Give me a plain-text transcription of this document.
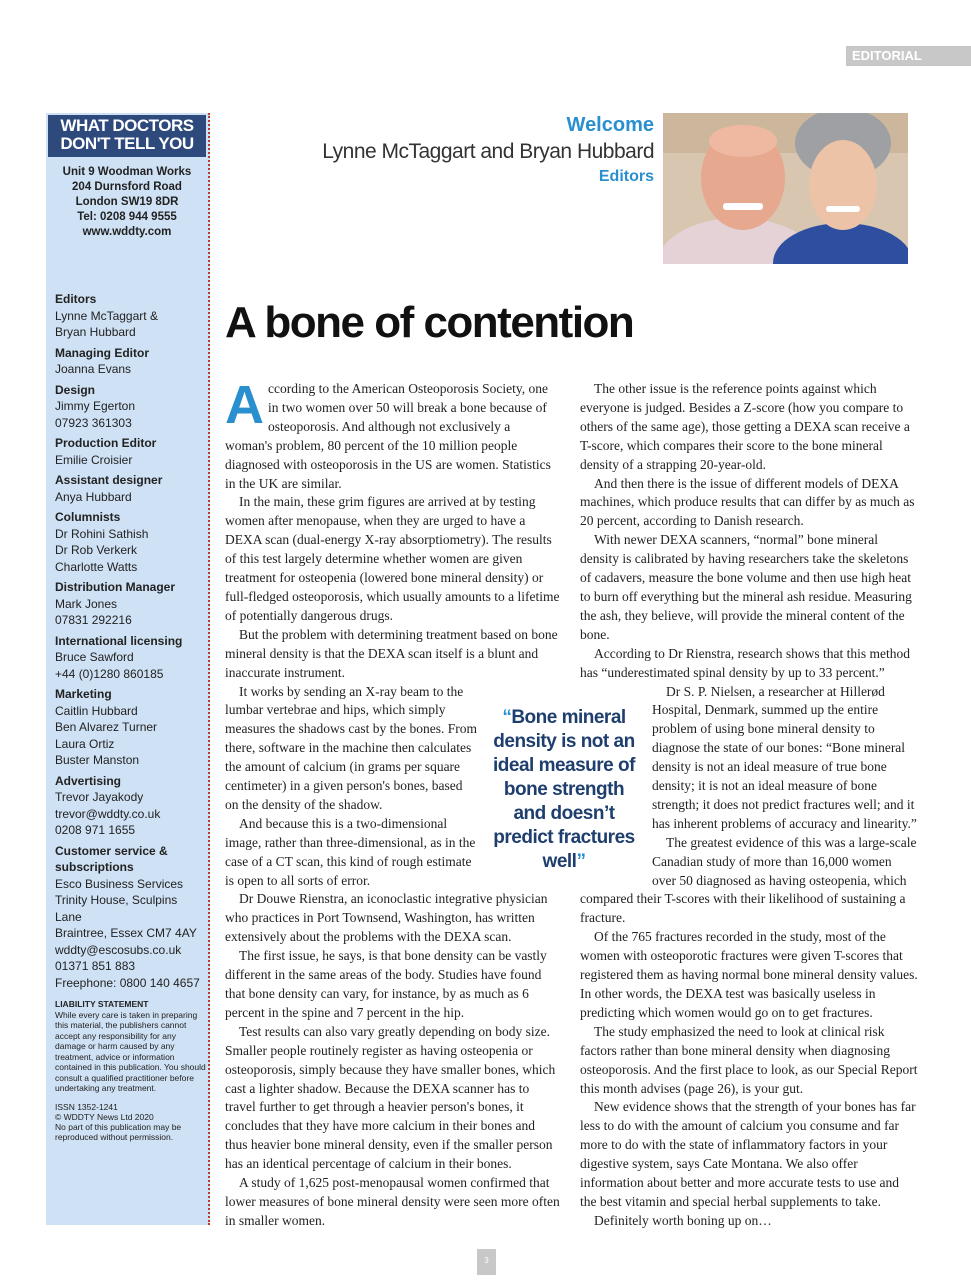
EDITORIAL
WHAT DOCTORS
DON'T TELL YOU
Unit 9 Woodman Works
204 Durnsford Road
London SW19 8DR
Tel: 0208 944 9555
www.wddty.com
Editors
Lynne McTaggart &
Bryan Hubbard
Managing Editor
Joanna Evans
Design
Jimmy Egerton
07923 361303
Production Editor
Emilie Croisier
Assistant designer
Anya Hubbard
Columnists
Dr Rohini Sathish
Dr Rob Verkerk
Charlotte Watts
Distribution Manager
Mark Jones
07831 292216
International licensing
Bruce Sawford
+44 (0)1280 860185
Marketing
Caitlin Hubbard
Ben Alvarez Turner
Laura Ortiz
Buster Manston
Advertising
Trevor Jayakody
trevor@wddty.co.uk
0208 971 1655
Customer service & subscriptions
Esco Business Services
Trinity House, Sculpins Lane
Braintree, Essex CM7 4AY
wddty@escosubs.co.uk
01371 851 883
Freephone: 0800 140 4657
LIABILITY STATEMENT
While every care is taken in preparing this material, the publishers cannot accept any responsibility for any damage or harm caused by any treatment, advice or information contained in this publication. You should consult a qualified practitioner before undertaking any treatment.
ISSN 1352-1241
© WDDTY News Ltd 2020
No part of this publication may be reproduced without permission.
Welcome
Lynne McTaggart and Bryan Hubbard
Editors
A bone of contention

According to the American Osteoporosis Society, one in two women over 50 will break a bone because of osteoporosis. And although not exclusively a woman's problem, 80 percent of the 10 million people diagnosed with osteoporosis in the US are women. Statistics in the UK are similar.

In the main, these grim figures are arrived at by testing women after menopause, when they are urged to have a DEXA scan (dual-energy X-ray absorptiometry). The results of this test largely determine whether women are given treatment for osteopenia (lowered bone mineral density) or full-fledged osteoporosis, which usually amounts to a lifetime of potentially dangerous drugs.

But the problem with determining treatment based on bone mineral density is that the DEXA scan itself is a blunt and inaccurate instrument.

It works by sending an X-ray beam to the lumbar vertebrae and hips, which simply measures the shadows cast by the bones. From there, software in the machine then calculates the amount of calcium (in grams per square centimeter) in a given person's bones, based on the density of the shadow.

And because this is a two-dimensional image, rather than three-dimensional, as in the case of a CT scan, this kind of rough estimate is open to all sorts of error.

Dr Douwe Rienstra, an iconoclastic integrative physician who practices in Port Townsend, Washington, has written extensively about the problems with the DEXA scan.

The first issue, he says, is that bone density can be vastly different in the same areas of the body. Studies have found that bone density can vary, for instance, by as much as 6 percent in the spine and 7 percent in the hip.

Test results can also vary greatly depending on body size. Smaller people routinely register as having osteopenia or osteoporosis, simply because they have smaller bones, which cast a lighter shadow. Because the DEXA scanner has to travel further to get through a heavier person's bones, it concludes that they have more calcium in their bones and thus heavier bone mineral density, even if the smaller person has an identical percentage of calcium in their bones.

A study of 1,625 post-menopausal women confirmed that lower measures of bone mineral density were seen more often in smaller women.

The other issue is the reference points against which everyone is judged. Besides a Z-score (how you compare to others of the same age), those getting a DEXA scan receive a T-score, which compares their score to the bone mineral density of a strapping 20-year-old.

And then there is the issue of different models of DEXA machines, which produce results that can differ by as much as 20 percent, according to Danish research.

With newer DEXA scanners, “normal” bone mineral density is calibrated by having researchers take the skeletons of cadavers, measure the bone volume and then use high heat to burn off everything but the mineral ash residue. Measuring the ash, they believe, will provide the mineral content of the bone.

According to Dr Rienstra, research shows that this method has “underestimated spinal density by up to 33 percent.”

Dr S. P. Nielsen, a researcher at Hillerød Hospital, Denmark, summed up the entire problem of using bone mineral density to diagnose the state of our bones: “Bone mineral density is not an ideal measure of true bone density; it is not an ideal measure of bone strength; it does not predict fractures well; and it has inherent problems of accuracy and linearity.”

The greatest evidence of this was a large-scale Canadian study of more than 16,000 women over 50 diagnosed as having osteopenia, which compared their T-scores with their likelihood of sustaining a fracture.

Of the 765 fractures recorded in the study, most of the women with osteoporotic fractures were given T-scores that registered them as having normal bone mineral density values. In other words, the DEXA test was basically useless in predicting which women would go on to get fractures.

The study emphasized the need to look at clinical risk factors rather than bone mineral density when diagnosing osteoporosis. And the first place to look, as our Special Report this month advises (page 26), is your gut.

New evidence shows that the strength of your bones has far less to do with the amount of calcium you consume and far more to do with the state of inflammatory factors in your digestive system, says Cate Montana. We also offer information about better and more accurate tests to use and the best vitamin and special herbal supplements to take.

Definitely worth boning up on…

“Bone mineral density is not an ideal measure of bone strength and doesn’t predict fractures well”
3
